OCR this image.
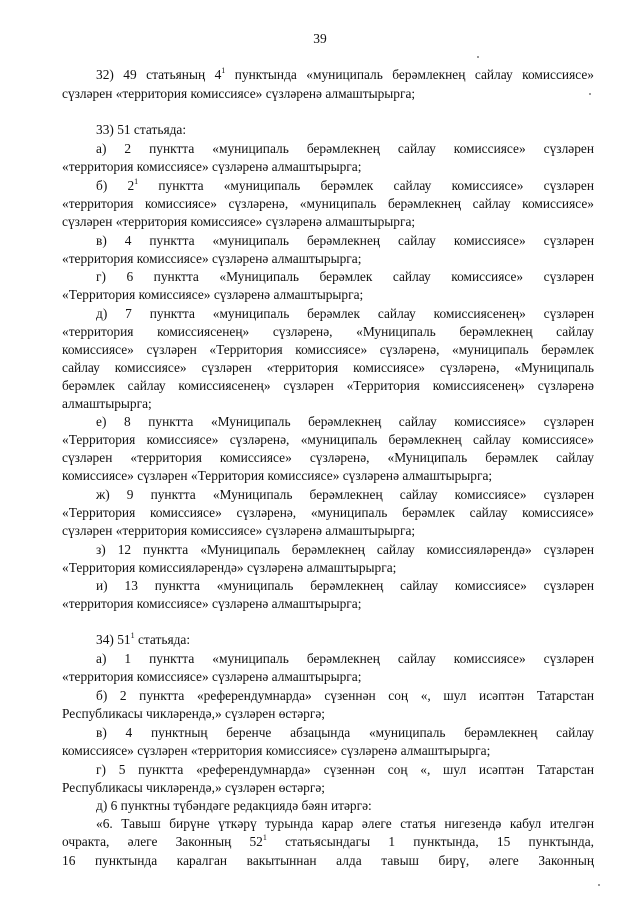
39
32) 49 статьяның $4^1$ пунктында «муниципаль берәмлекнең сайлау комиссиясе»
сүзләрен «территория комиссиясе» сүзләренә алмаштырырга;
33) 51 статьяда:
а) 2 пунктта «муниципаль берәмлекнең сайлау комиссиясе» сүзләрен
«территория комиссиясе» сүзләренә алмаштырырга;
б) $2^1$ пунктта «муниципаль берәмлек сайлау комиссиясе» сүзләрен
«территория комиссиясе» сүзләренә, «муниципаль берәмлекнең сайлау комиссиясе»
сүзләрен «территория комиссиясе» сүзләренә алмаштырырга;
в) 4 пунктта «муниципаль берәмлекнең сайлау комиссиясе» сүзләрен
«территория комиссиясе» сүзләренә алмаштырырга;
г) 6 пунктта «Муниципаль берәмлек сайлау комиссиясе» сүзләрен
«Территория комиссиясе» сүзләренә алмаштырырга;
д) 7 пунктта «муниципаль берәмлек сайлау комиссиясенең» сүзләрен
«территория комиссиясенең» сүзләренә, «Муниципаль берәмлекнең сайлау
комиссиясе» сүзләрен «Территория комиссиясе» сүзләренә, «муниципаль берәмлек
сайлау комиссиясе» сүзләрен «территория комиссиясе» сүзләренә, «Муниципаль
берәмлек сайлау комиссиясенең» сүзләрен «Территория комиссиясенең» сүзләренә
алмаштырырга;
е) 8 пунктта «Муниципаль берәмлекнең сайлау комиссиясе» сүзләрен
«Территория комиссиясе» сүзләренә, «муниципаль берәмлекнең сайлау комиссиясе»
сүзләрен «территория комиссиясе» сүзләренә, «Муниципаль берәмлек сайлау
комиссиясе» сүзләрен «Территория комиссиясе» сүзләренә алмаштырырга;
ж) 9 пунктта «Муниципаль берәмлекнең сайлау комиссиясе» сүзләрен
«Территория комиссиясе» сүзләренә, «муниципаль берәмлек сайлау комиссиясе»
сүзләрен «территория комиссиясе» сүзләренә алмаштырырга;
з) 12 пунктта «Муниципаль берәмлекнең сайлау комиссияләрендә» сүзләрен
«Территория комиссияләрендә» сүзләренә алмаштырырга;
и) 13 пунктта «муниципаль берәмлекнең сайлау комиссиясе» сүзләрен
«территория комиссиясе» сүзләренә алмаштырырга;
34) $51^1$ статьяда:
а) 1 пунктта «муниципаль берәмлекнең сайлау комиссиясе» сүзләрен
«территория комиссиясе» сүзләренә алмаштырырга;
б) 2 пунктта «референдумнарда» сүзеннән соң «, шул исәптән Татарстан
Республикасы чикләрендә,» сүзләрен өстәргә;
в) 4 пунктның беренче абзацында «муниципаль берәмлекнең сайлау
комиссиясе» сүзләрен «территория комиссиясе» сүзләренә алмаштырырга;
г) 5 пунктта «референдумнарда» сүзеннән соң «, шул исәптән Татарстан
Республикасы чикләрендә,» сүзләрен өстәргә;
д) 6 пунктны түбәндәге редакциядә бәян итәргә:
«6. Тавыш бирүне үткәрү турында карар әлеге статья нигезендә кабул ителгән
очракта, әлеге Законның $52^1$ статьясындагы 1 пунктында, 15 пунктында,
16 пунктында каралган вакытыннан алда тавыш бирү, әлеге Законның
